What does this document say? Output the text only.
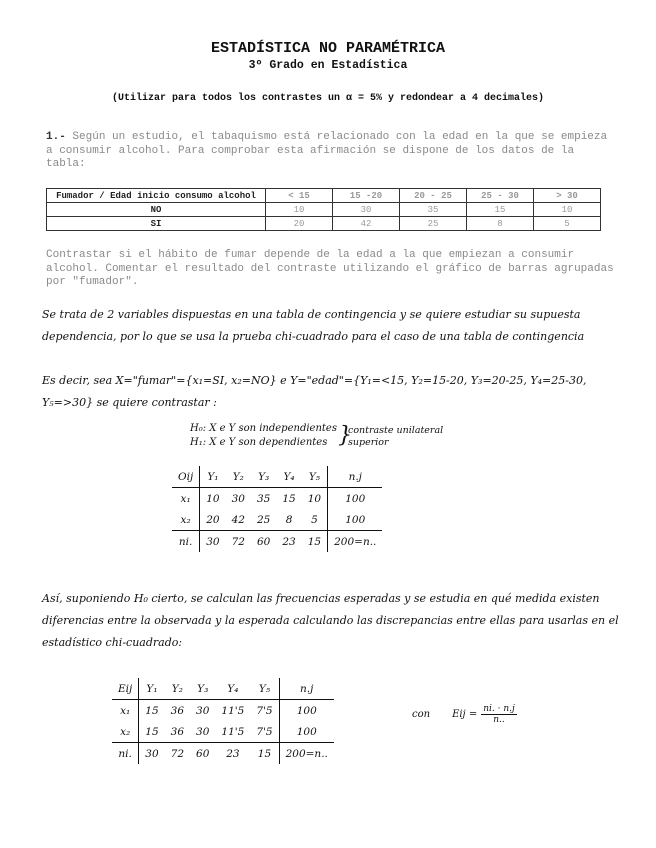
ESTADÍSTICA NO PARAMÉTRICA
3º Grado en Estadística
(Utilizar para todos los contrastes un α = 5% y redondear a 4 decimales)
1.- Según un estudio, el tabaquismo está relacionado con la edad en la que se empieza a consumir alcohol. Para comprobar esta afirmación se dispone de los datos de la tabla:
Fumador / Edad inicio consumo alcohol	< 15	15 -20	20 - 25	25 - 30	> 30
NO	10	30	35	15	10
SI	20	42	25	8	5
Contrastar si el hábito de fumar depende de la edad a la que empiezan a consumir alcohol. Comentar el resultado del contraste utilizando el gráfico de barras agrupadas por "fumador".
Se trata de 2 variables dispuestas en una tabla de contingencia y se quiere estudiar su supuesta dependencia, por lo que se usa la prueba chi-cuadrado para el caso de una tabla de contingencia
Es decir, sea X="fumar"={x₁=SI, x₂=NO} e Y="edad"={Y₁=<15, Y₂=15-20, Y₃=20-25, Y₄=25-30, Y₅=>30} se quiere contrastar :
H₀: X e Y son independientes
H₁: X e Y son dependientes }
contraste unilateral
superior
Oij	Y₁	Y₂	Y₃	Y₄	Y₅	n.j
x₁	10	30	35	15	10	100
x₂	20	42	25	8	5	100
ni.	30	72	60	23	15	200=n..
Así, suponiendo H₀ cierto, se calculan las frecuencias esperadas y se estudia en qué medida existen diferencias entre la observada y la esperada calculando las discrepancias entre ellas para usarlas en el estadístico chi-cuadrado:
Eij	Y₁	Y₂	Y₃	Y₄	Y₅	n.j
x₁	15	36	30	11'5	7'5	100
x₂	15	36	30	11'5	7'5	100
ni.	30	72	60	23	15	200=n..
con Eij = $\frac{ni. \cdot n.j}{n..}$
